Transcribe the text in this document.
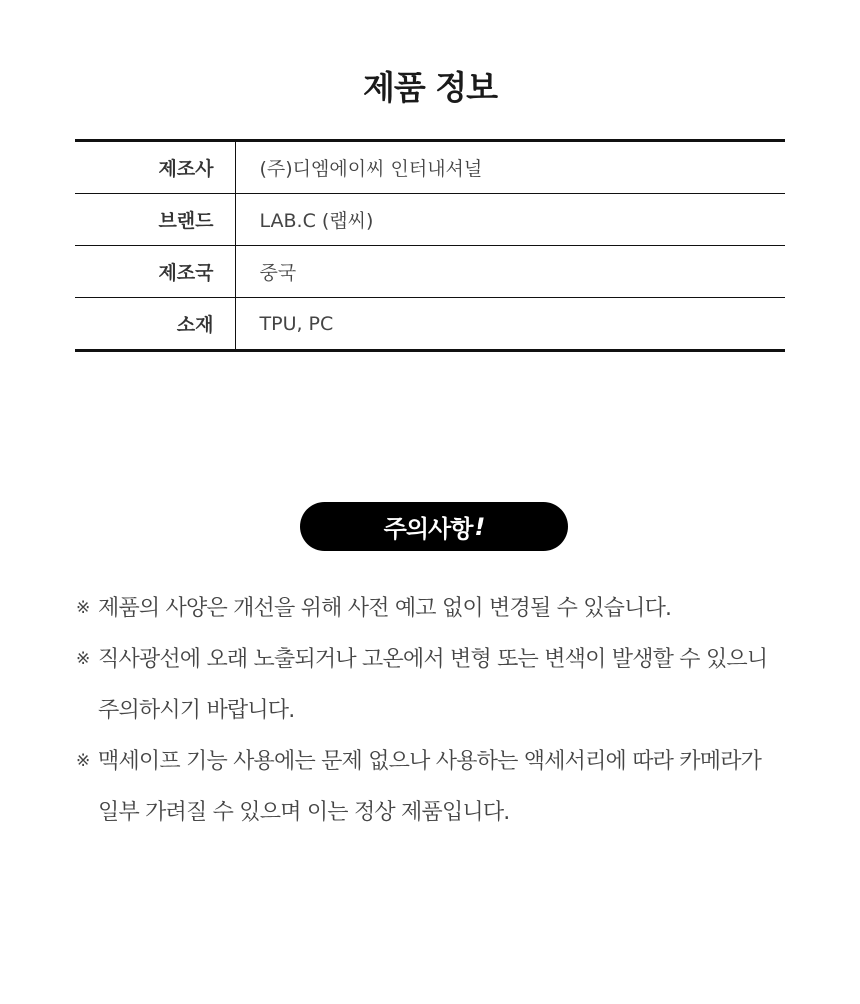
제품 정보
제조사	(주)디엠에이씨 인터내셔널
브랜드	LAB.C (랩씨)
제조국	중국
소재	TPU, PC
주의사항 !
※ 제품의 사양은 개선을 위해 사전 예고 없이 변경될 수 있습니다.
※ 직사광선에 오래 노출되거나 고온에서 변형 또는 변색이 발생할 수 있으니 주의하시기 바랍니다.
※ 맥세이프 기능 사용에는 문제 없으나 사용하는 액세서리에 따라 카메라가 일부 가려질 수 있으며 이는 정상 제품입니다.
